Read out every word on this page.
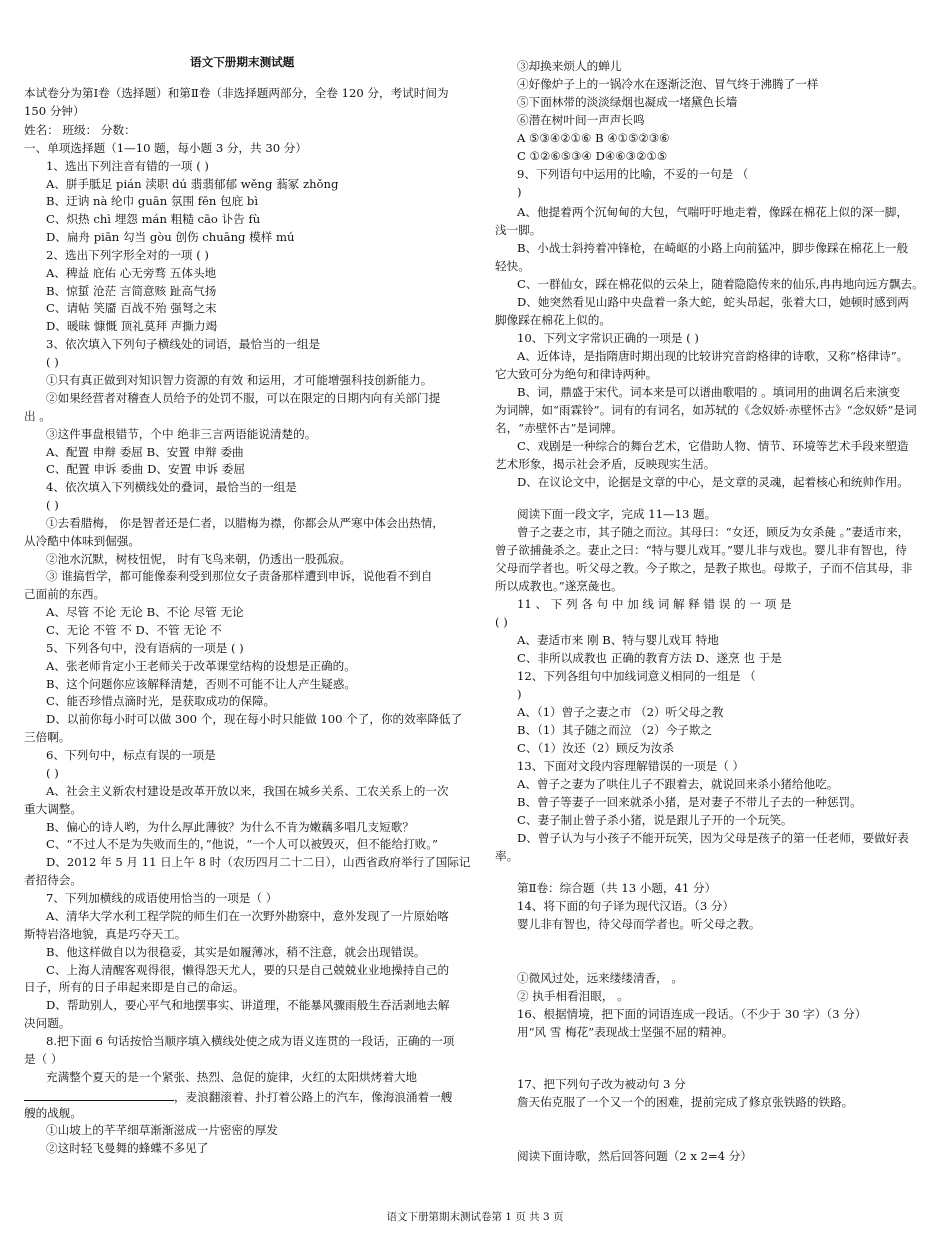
语文下册期末测试题
本试卷分为第Ⅰ卷（选择题）和第Ⅱ卷（非选择题两部分，全卷 120 分，考试时间为
150 分钟）
姓名： 班级： 分数：
一、单项选择题（1—10 题，每小题 3 分，共 30 分）
1、选出下列注音有错的一项 ( )
A、胼手胝足 pián 渎职 dú 翡翡郁郁 wěng 蓊冢 zhǒng
B、迂讷 nà 纶巾 guān 氛围 fēn 包庇 bì
C、炽热 chì 埋怨 mán 粗糙 cāo 讣告 fù
D、扁舟 piān 勾当 gòu 创伤 chuāng 模样 mú
2、选出下列字形全对的一项 ( )
A、稗益 庇佑 心无旁骛 五体头地
B、惊蜇 沧茫 言简意赅 趾高气扬
C、请帖 笑靥 百战不殆 强弩之末
D、暖昧 慷慨 顶礼莫拜 声撕力竭
3、依次填入下列句子横线处的词语，最恰当的一组是
( )
①只有真正做到对知识智力资源的有效 和运用，才可能增强科技创新能力。
②如果经营者对稽查人员给予的处罚不服，可以在限定的日期内向有关部门提
出 。
③这件事盘根错节，个中 绝非三言两语能说清楚的。
A、配置 申辩 委屈 B、安置 申辩 委曲
C、配置 申诉 委曲 D、安置 申诉 委屈
4、依次填入下列横线处的叠词，最恰当的一组是
( )
①去看腊梅， 你是智者还是仁者，以腊梅为襟，你都会从严寒中体会出热情，
从冷酷中体味到倔强。
②池水沉默，树枝忸怩， 时有飞鸟来朝，仍透出一股孤寂。
③ 谁搞哲学，都可能像泰利受到那位女子责备那样遭到申诉，说他看不到自
己面前的东西。
A、尽管 不论 无论 B、不论 尽管 无论
C、无论 不管 不 D、不管 无论 不
5、下列各句中，没有语病的一项是 ( )
A、张老师肯定小王老师关于改革课堂结构的设想是正确的。
B、这个问题你应该解释清楚，否则不可能不让人产生疑惑。
C、能否珍惜点滴时光，是获取成功的保障。
D、以前你每小时可以做 300 个，现在每小时只能做 100 个了，你的效率降低了
三倍啊。
6、下列句中，标点有误的一项是
( )
A、社会主义新农村建设是改革开放以来，我国在城乡关系、工农关系上的一次
重大调整。
B、偏心的诗人哟，为什么厚此薄彼？为什么不肯为嫩藕多唱几支短歌？
C、“不过人不是为失败而生的，”他说，“一个人可以被毁灭，但不能给打败。”
D、2012 年 5 月 11 日上午 8 时（农历四月二十二日），山西省政府举行了国际记
者招待会。
7、下列加横线的成语使用恰当的一项是（ ）
A、清华大学水利工程学院的师生们在一次野外勘察中，意外发现了一片原始喀
斯特岩洛地貌，真是巧夺天工。
B、他这样做自以为很稳妥，其实是如履薄冰，稍不注意，就会出现错误。
C、上海人清醒客观得很，懒得怨天尤人，要的只是自己兢兢业业地操持自己的
日子，所有的日子串起来即是自己的命运。
D、帮助别人，要心平气和地摆事实、讲道理，不能暴风骤雨般生吞活剥地去解
决问题。
8.把下面 6 句话按恰当顺序填入横线处使之成为语义连贯的一段话，正确的一项
是（ ）
充满整个夏天的是一个紧张、热烈、急促的旋律，火红的太阳烘烤着大地
，麦浪翻滚着、扑打着公路上的汽车，像海浪涌着一艘
艘的战舰。
①山坡上的芊芊细草渐渐滋成一片密密的厚发
②这时轻飞曼舞的蜂蝶不多见了
③却换来烦人的蝉儿
④好像炉子上的一锅冷水在逐渐泛泡、冒气终于沸腾了一样
⑤下面林带的淡淡绿烟也凝成一堵黛色长墙
⑥潜在树叶间一声声长鸣
A ⑤③④②①⑥ B ④①⑤②③⑥
C ①②⑥⑤③④ D④⑥③②①⑤
9、下列语句中运用的比喻，不妥的一句是 （
)
A、他提着两个沉甸甸的大包，气喘吁吁地走着，像踩在棉花上似的深一脚，
浅一脚。
B、小战士斜挎着冲锋枪，在崎岖的小路上向前猛冲，脚步像踩在棉花上一般
轻快。
C、一群仙女，踩在棉花似的云朵上，随着隐隐传来的仙乐,冉冉地向远方飘去。
D、她突然看见山路中央盘着一条大蛇，蛇头昂起，张着大口，她顿时感到两
脚像踩在棉花上似的。
10、下列文字常识正确的一项是 ( )
A、近体诗，是指隋唐时期出现的比较讲究音韵格律的诗歌，又称“格律诗”。
它大致可分为绝句和律诗两种。
B、词，鼎盛于宋代。词本来是可以谱曲歌唱的 。填词用的曲调名后来演变
为词牌，如“雨霖铃”。词有的有词名，如苏轼的《念奴娇·赤壁怀古》“念奴娇”是词
名，“赤壁怀古”是词牌。
C、戏剧是一种综合的舞台艺术，它借助人物、情节、环境等艺术手段来塑造
艺术形象，揭示社会矛盾，反映现实生活。
D、在议论文中，论据是文章的中心，是文章的灵魂，起着核心和统帅作用。
阅读下面一段文字，完成 11—13 题。
曾子之妻之市，其子随之而泣。其母曰：“女还，顾反为女杀彘 。”妻适市来，
曾子欲捕彘杀之。妻止之曰：“特与婴儿戏耳。”婴儿非与戏也。婴儿非有智也，待
父母而学者也。听父母之教。今子欺之，是教子欺也。母欺子，子而不信其母，非
所以成教也。”遂烹彘也。
11 、 下 列 各 句 中 加 线 词 解 释 错 误 的 一 项 是
( )
A、妻适市来 刚 B、特与婴儿戏耳 特地
C、非所以成教也 正确的教育方法 D、遂烹 也 于是
12、下列各组句中加线词意义相同的一组是 （
)
A、（1）曾子之妻之市 （2）听父母之教
B、（1）其子随之而泣 （2）今子欺之
C、（1）汝还（2）顾反为汝杀
13、下面对文段内容理解错误的一项是（ ）
A、曾子之妻为了哄住儿子不跟着去，就说回来杀小猪给他吃。
B、曾子等妻子一回来就杀小猪，是对妻子不带儿子去的一种惩罚。
C、妻子制止曾子杀小猪，说是跟儿子开的一个玩笑。
D、曾子认为与小孩子不能开玩笑，因为父母是孩子的第一任老师，要做好表
率。
第Ⅱ卷：综合题（共 13 小题，41 分）
14、将下面的句子译为现代汉语。（3 分）
婴儿非有智也，待父母而学者也。听父母之教。
①微风过处，远来缕缕清香， 。
② 执手相看泪眼， 。
16、根据情境，把下面的词语连成一段话。（不少于 30 字）（3 分）
用“风 雪 梅花”表现战士坚强不屈的精神。
17、把下列句子改为被动句 3 分
詹天佑克服了一个又一个的困难，提前完成了修京张铁路的铁路。
阅读下面诗歌，然后回答问题（2 x 2=4 分）
语文下册第期末测试卷第 1 页 共 3 页
